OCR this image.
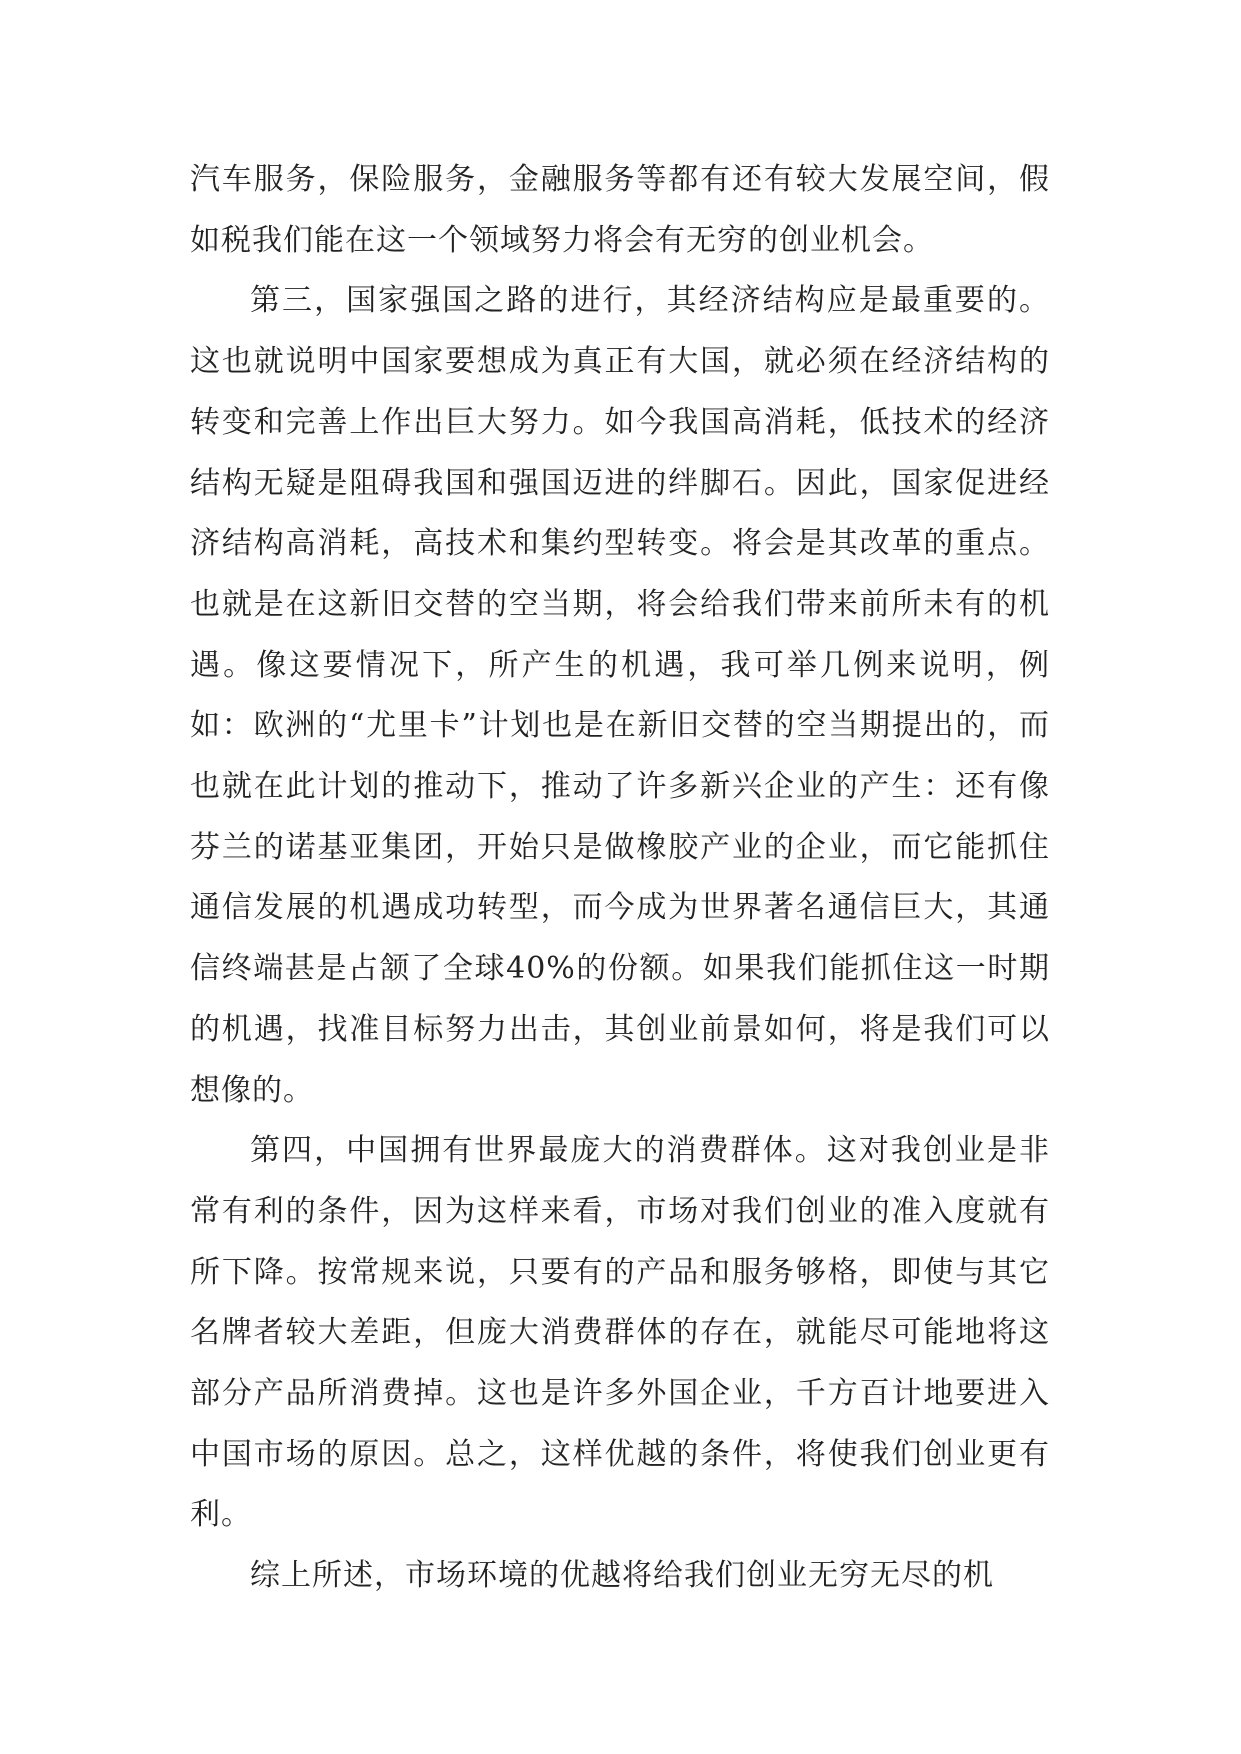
汽车服务，保险服务，金融服务等都有还有较大发展空间，假如税我们能在这一个领域努力将会有无穷的创业机会。

第三，国家强国之路的进行，其经济结构应是最重要的。这也就说明中国家要想成为真正有大国，就必须在经济结构的转变和完善上作出巨大努力。如今我国高消耗，低技术的经济结构无疑是阻碍我国和强国迈进的绊脚石。因此，国家促进经济结构高消耗，高技术和集约型转变。将会是其改革的重点。也就是在这新旧交替的空当期，将会给我们带来前所未有的机遇。像这要情况下，所产生的机遇，我可举几例来说明，例如：欧洲的“尤里卡”计划也是在新旧交替的空当期提出的，而也就在此计划的推动下，推动了许多新兴企业的产生：还有像芬兰的诺基亚集团，开始只是做橡胶产业的企业，而它能抓住通信发展的机遇成功转型，而今成为世界著名通信巨大，其通信终端甚是占颔了全球40%的份额。如果我们能抓住这一时期的机遇，找准目标努力出击，其创业前景如何，将是我们可以想像的。

第四，中国拥有世界最庞大的消费群体。这对我创业是非常有利的条件，因为这样来看，市场对我们创业的准入度就有所下降。按常规来说，只要有的产品和服务够格，即使与其它名牌者较大差距，但庞大消费群体的存在，就能尽可能地将这部分产品所消费掉。这也是许多外国企业，千方百计地要进入中国市场的原因。总之，这样优越的条件，将使我们创业更有利。

综上所述，市场环境的优越将给我们创业无穷无尽的机
